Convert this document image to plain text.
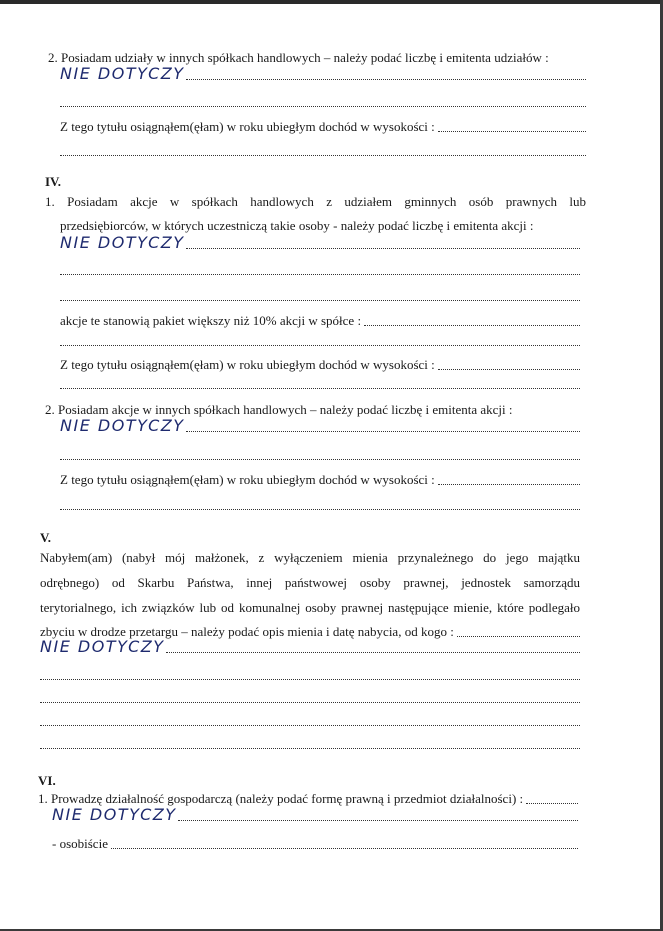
2. Posiadam udziały w innych spółkach handlowych – należy podać liczbę i emitenta udziałów :
NIE DOTYCZY
Z tego tytułu osiągnąłem(ęłam) w roku ubiegłym dochód w wysokości :
IV.
1. Posiadam akcje w spółkach handlowych z udziałem gminnych osób prawnych lub
przedsiębiorców, w których uczestniczą takie osoby - należy podać liczbę i emitenta akcji :
NIE DOTYCZY
akcje te stanowią pakiet większy niż 10% akcji w spółce :
Z tego tytułu osiągnąłem(ęłam) w roku ubiegłym dochód w wysokości :
2. Posiadam akcje w innych spółkach handlowych – należy podać liczbę i emitenta akcji :
NIE DOTYCZY
Z tego tytułu osiągnąłem(ęłam) w roku ubiegłym dochód w wysokości :
V.
Nabyłem(am) (nabył mój małżonek, z wyłączeniem mienia przynależnego do jego majątku
odrębnego) od Skarbu Państwa, innej państwowej osoby prawnej, jednostek samorządu
terytorialnego, ich związków lub od komunalnej osoby prawnej następujące mienie, które podlegało
zbyciu w drodze przetargu – należy podać opis mienia i datę nabycia, od kogo :
NIE DOTYCZY
VI.
1. Prowadzę działalność gospodarczą (należy podać formę prawną i przedmiot działalności) :
NIE DOTYCZY
- osobiście
